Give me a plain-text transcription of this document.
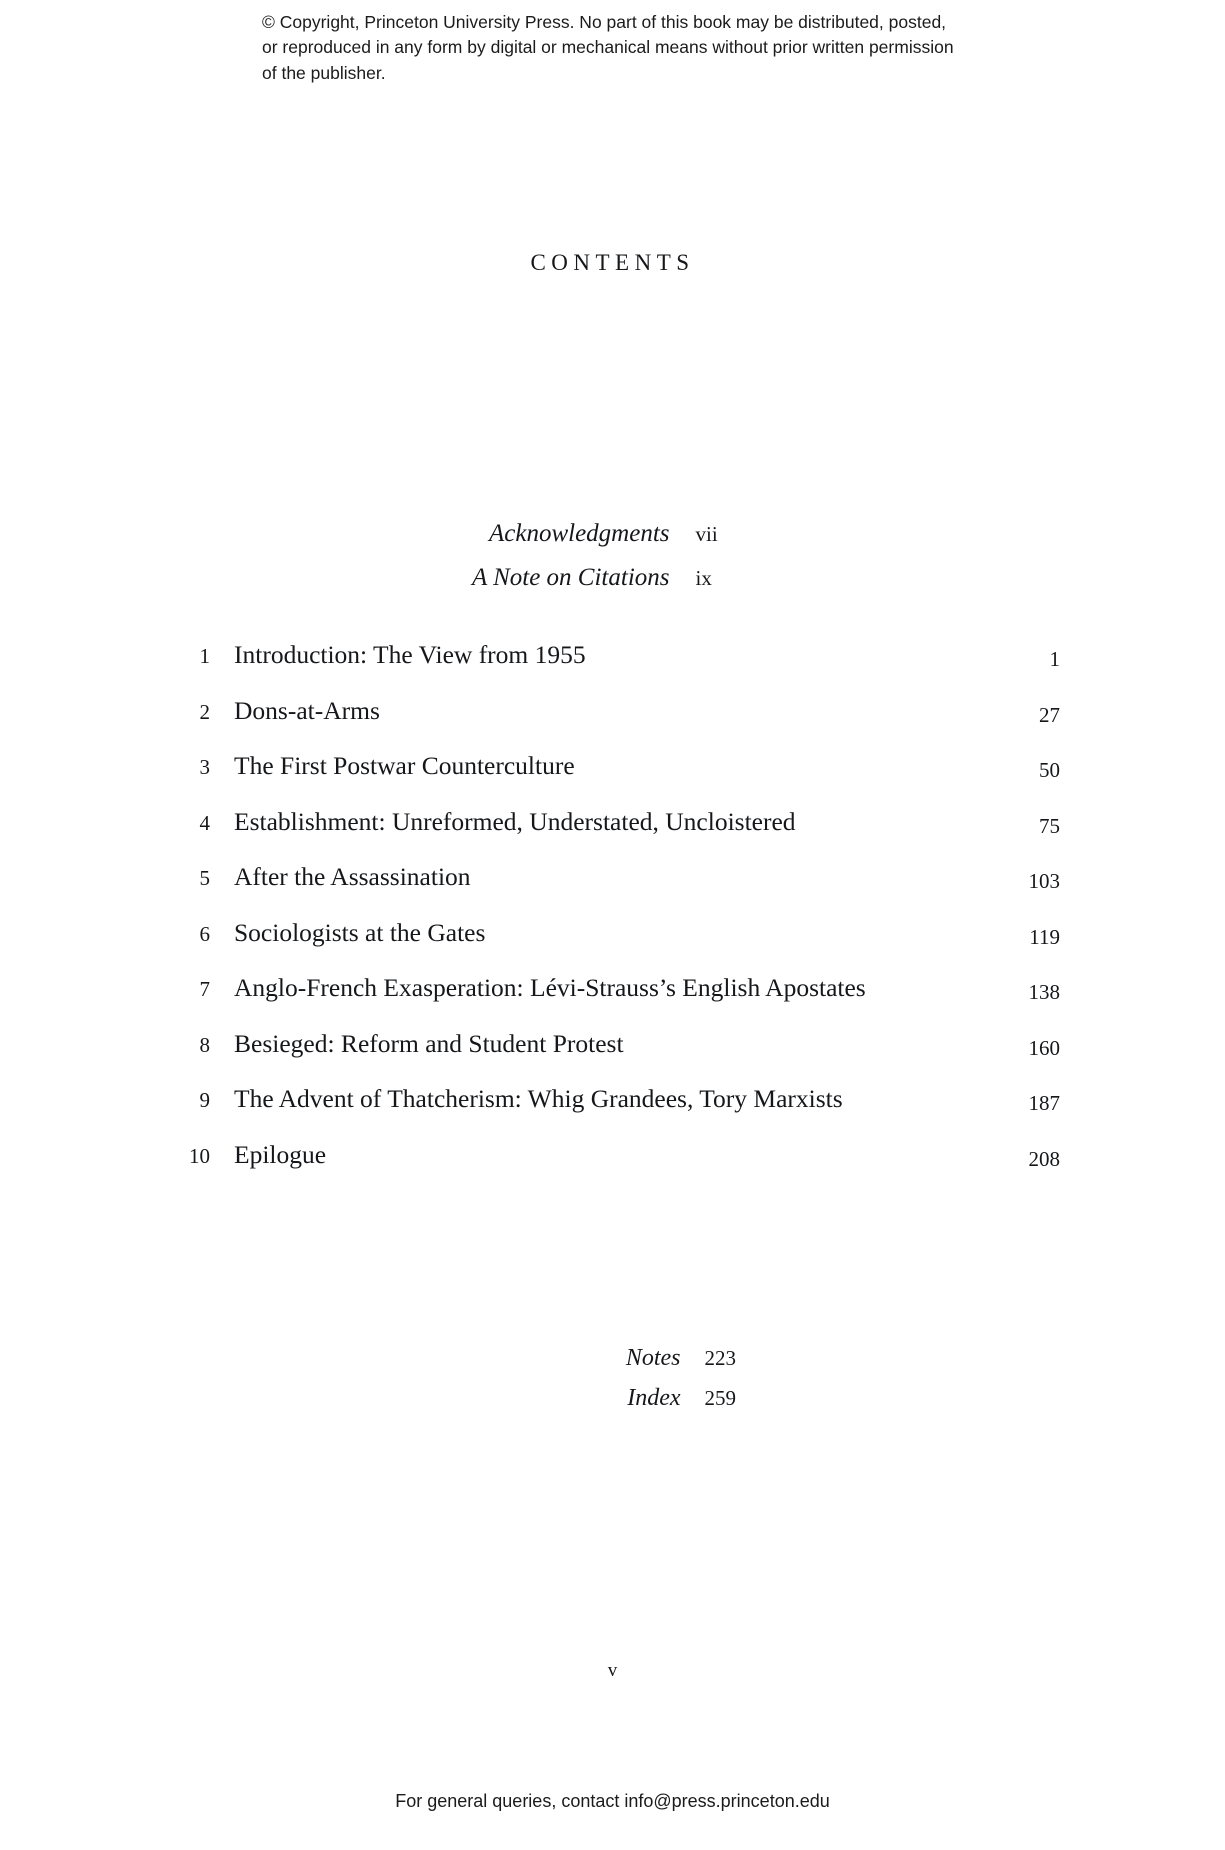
© Copyright, Princeton University Press. No part of this book may be distributed, posted, or reproduced in any form by digital or mechanical means without prior written permission of the publisher.
CONTENTS
Acknowledgments	vii
A Note on Citations	ix
1 Introduction: The View from 1955	1
2 Dons-at-Arms	27
3 The First Postwar Counterculture	50
4 Establishment: Unreformed, Understated, Uncloistered	75
5 After the Assassination	103
6 Sociologists at the Gates	119
7 Anglo-French Exasperation: Lévi-Strauss’s English Apostates	138
8 Besieged: Reform and Student Protest	160
9 The Advent of Thatcherism: Whig Grandees, Tory Marxists	187
10 Epilogue	208
Notes	223
Index	259
v
For general queries, contact info@press.princeton.edu
